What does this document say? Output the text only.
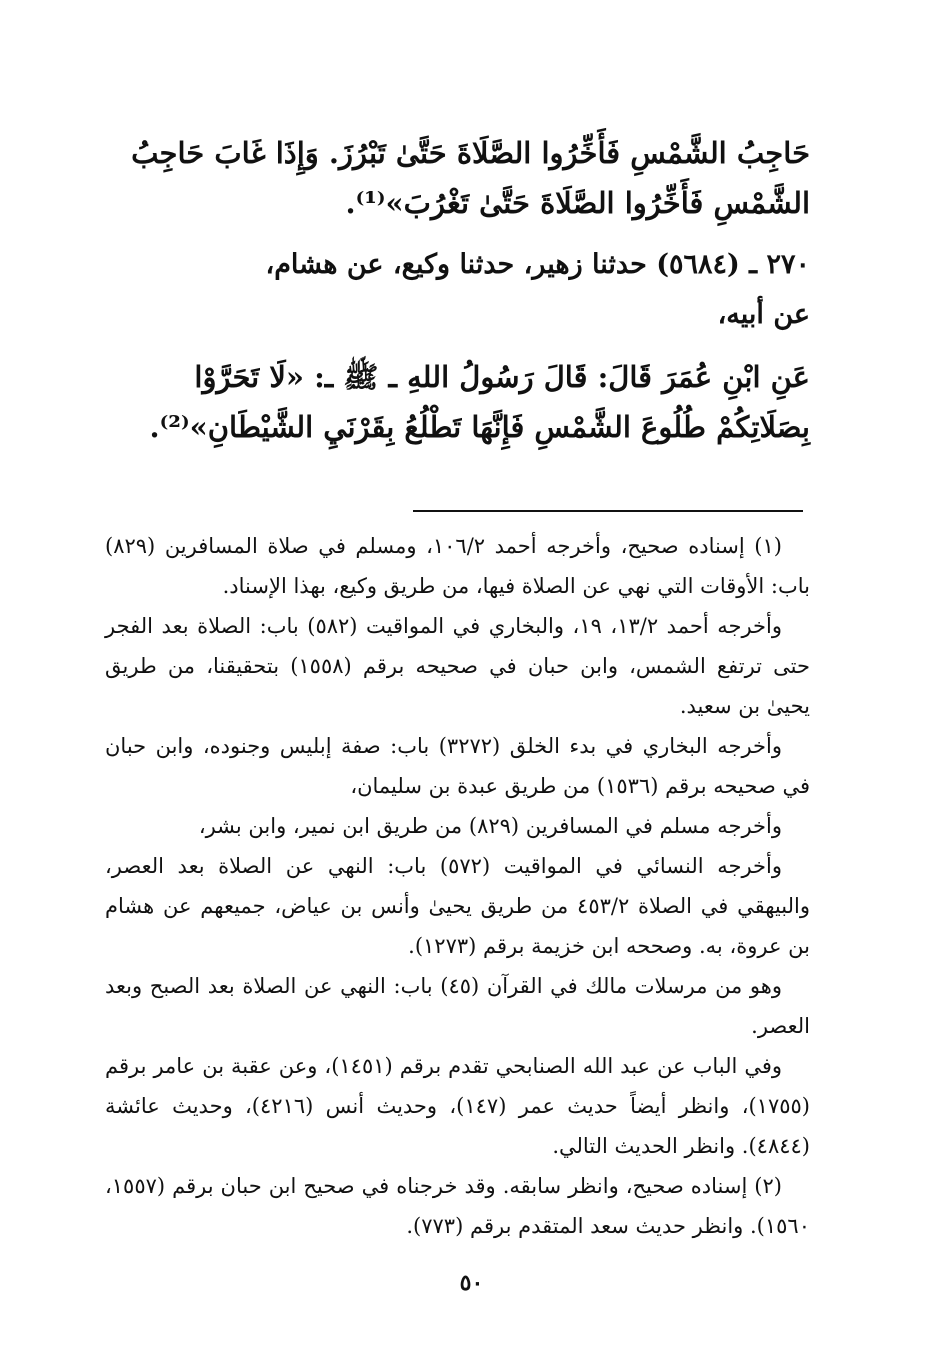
حَاجِبُ الشَّمْسِ فَأَخِّرُوا الصَّلَاةَ حَتَّىٰ تَبْرُزَ. وَإِذَا غَابَ حَاجِبُ

الشَّمْسِ فَأَخِّرُوا الصَّلَاةَ حَتَّىٰ تَغْرُبَ»⁽¹⁾.

٢٧٠ ـ (٥٦٨٤) حدثنا زهير، حدثنا وكيع، عن هشام،

عن أبيه،

عَنِ ابْنِ عُمَرَ قَالَ: قَالَ رَسُولُ اللهِ ـ ﷺ ـ: «لَا تَحَرَّوْا

بِصَلَاتِكُمْ طُلُوعَ الشَّمْسِ فَإِنَّهَا تَطْلُعُ بِقَرْنَيِ الشَّيْطَانِ»⁽²⁾.

(١) إسناده صحيح، وأخرجه أحمد ١٠٦/٢، ومسلم في صلاة المسافرين (٨٢٩) باب: الأوقات التي نهي عن الصلاة فيها، من طريق وكيع، بهذا الإسناد.

وأخرجه أحمد ١٣/٢، ١٩، والبخاري في المواقيت (٥٨٢) باب: الصلاة بعد الفجر حتى ترتفع الشمس، وابن حبان في صحيحه برقم (١٥٥٨) بتحقيقنا، من طريق يحيىٰ بن سعيد.

وأخرجه البخاري في بدء الخلق (٣٢٧٢) باب: صفة إبليس وجنوده، وابن حبان في صحيحه برقم (١٥٣٦) من طريق عبدة بن سليمان،

وأخرجه مسلم في المسافرين (٨٢٩) من طريق ابن نمير، وابن بشر،

وأخرجه النسائي في المواقيت (٥٧٢) باب: النهي عن الصلاة بعد العصر، والبيهقي في الصلاة ٤٥٣/٢ من طريق يحيىٰ وأنس بن عياض، جميعهم عن هشام بن عروة، به. وصححه ابن خزيمة برقم (١٢٧٣).

وهو من مرسلات مالك في القرآن (٤٥) باب: النهي عن الصلاة بعد الصبح وبعد العصر.

وفي الباب عن عبد الله الصنابحي تقدم برقم (١٤٥١)، وعن عقبة بن عامر برقم (١٧٥٥)، وانظر أيضاً حديث عمر (١٤٧)، وحديث أنس (٤٢١٦)، وحديث عائشة (٤٨٤٤). وانظر الحديث التالي.

(٢) إسناده صحيح، وانظر سابقه. وقد خرجناه في صحيح ابن حبان برقم (١٥٥٧، ١٥٦٠). وانظر حديث سعد المتقدم برقم (٧٧٣).

٥٠
